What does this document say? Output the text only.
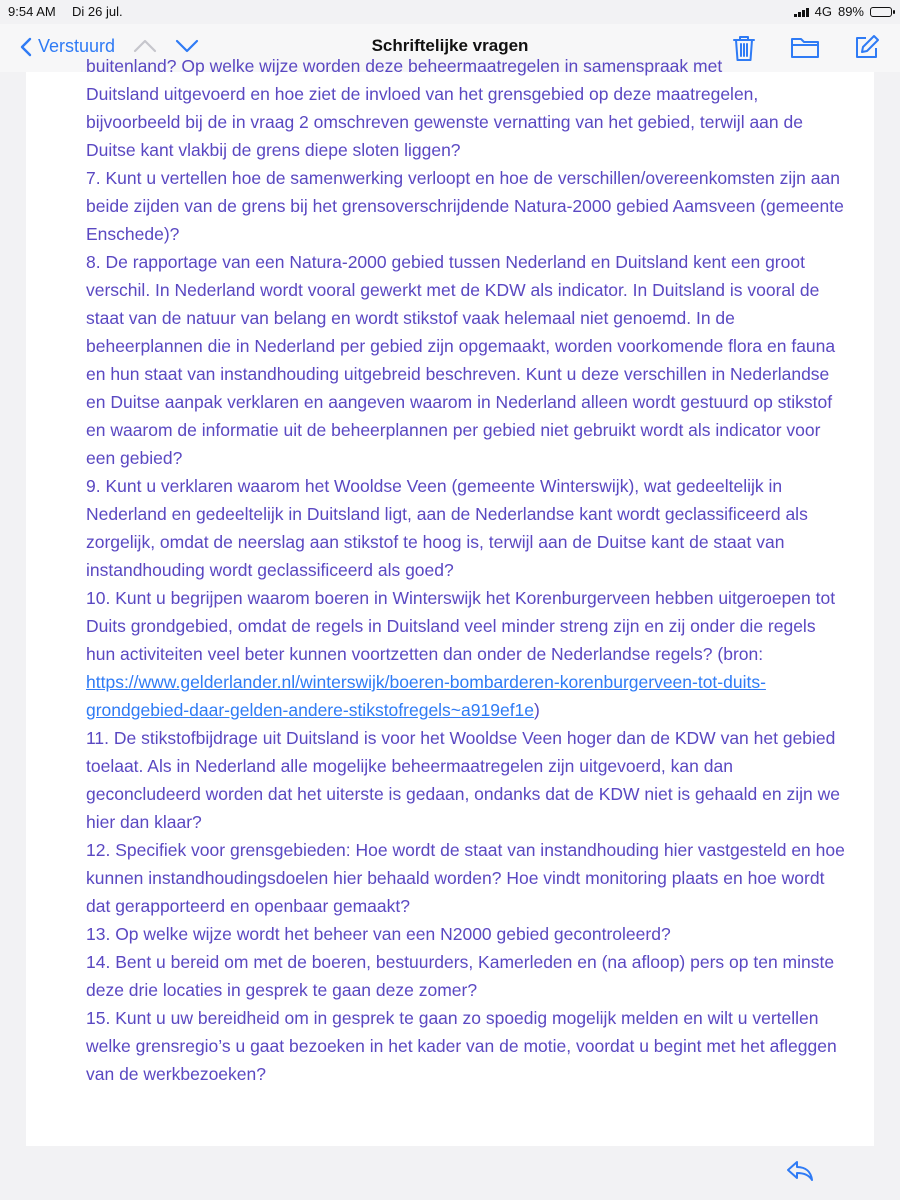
9:54 AM Di 26 jul.	4G 89%
Verstuurd	Schriftelijke vragen

buitenland? Op welke wijze worden deze beheermaatregelen in samenspraak met

Duitsland uitgevoerd en hoe ziet de invloed van het grensgebied op deze maatregelen, bijvoorbeeld bij de in vraag 2 omschreven gewenste vernatting van het gebied, terwijl aan de Duitse kant vlakbij de grens diepe sloten liggen?

7. Kunt u vertellen hoe de samenwerking verloopt en hoe de verschillen/overeenkomsten zijn aan beide zijden van de grens bij het grensoverschrijdende Natura-2000 gebied Aamsveen (gemeente Enschede)?

8. De rapportage van een Natura-2000 gebied tussen Nederland en Duitsland kent een groot verschil. In Nederland wordt vooral gewerkt met de KDW als indicator. In Duitsland is vooral de staat van de natuur van belang en wordt stikstof vaak helemaal niet genoemd. In de beheerplannen die in Nederland per gebied zijn opgemaakt, worden voorkomende flora en fauna en hun staat van instandhouding uitgebreid beschreven. Kunt u deze verschillen in Nederlandse en Duitse aanpak verklaren en aangeven waarom in Nederland alleen wordt gestuurd op stikstof en waarom de informatie uit de beheerplannen per gebied niet gebruikt wordt als indicator voor een gebied?

9. Kunt u verklaren waarom het Wooldse Veen (gemeente Winterswijk), wat gedeeltelijk in Nederland en gedeeltelijk in Duitsland ligt, aan de Nederlandse kant wordt geclassificeerd als zorgelijk, omdat de neerslag aan stikstof te hoog is, terwijl aan de Duitse kant de staat van instandhouding wordt geclassificeerd als goed?

10. Kunt u begrijpen waarom boeren in Winterswijk het Korenburgerveen hebben uitgeroepen tot Duits grondgebied, omdat de regels in Duitsland veel minder streng zijn en zij onder die regels hun activiteiten veel beter kunnen voortzetten dan onder de Nederlandse regels? (bron: https://www.gelderlander.nl/winterswijk/boeren-bombarderen-korenburgerveen-tot-duits-grondgebied-daar-gelden-andere-stikstofregels~a919ef1e)

11. De stikstofbijdrage uit Duitsland is voor het Wooldse Veen hoger dan de KDW van het gebied toelaat. Als in Nederland alle mogelijke beheermaatregelen zijn uitgevoerd, kan dan geconcludeerd worden dat het uiterste is gedaan, ondanks dat de KDW niet is gehaald en zijn we hier dan klaar?

12. Specifiek voor grensgebieden: Hoe wordt de staat van instandhouding hier vastgesteld en hoe kunnen instandhoudingsdoelen hier behaald worden? Hoe vindt monitoring plaats en hoe wordt dat gerapporteerd en openbaar gemaakt?

13. Op welke wijze wordt het beheer van een N2000 gebied gecontroleerd?

14. Bent u bereid om met de boeren, bestuurders, Kamerleden en (na afloop) pers op ten minste deze drie locaties in gesprek te gaan deze zomer?

15. Kunt u uw bereidheid om in gesprek te gaan zo spoedig mogelijk melden en wilt u vertellen welke grensregio’s u gaat bezoeken in het kader van de motie, voordat u begint met het afleggen van de werkbezoeken?
